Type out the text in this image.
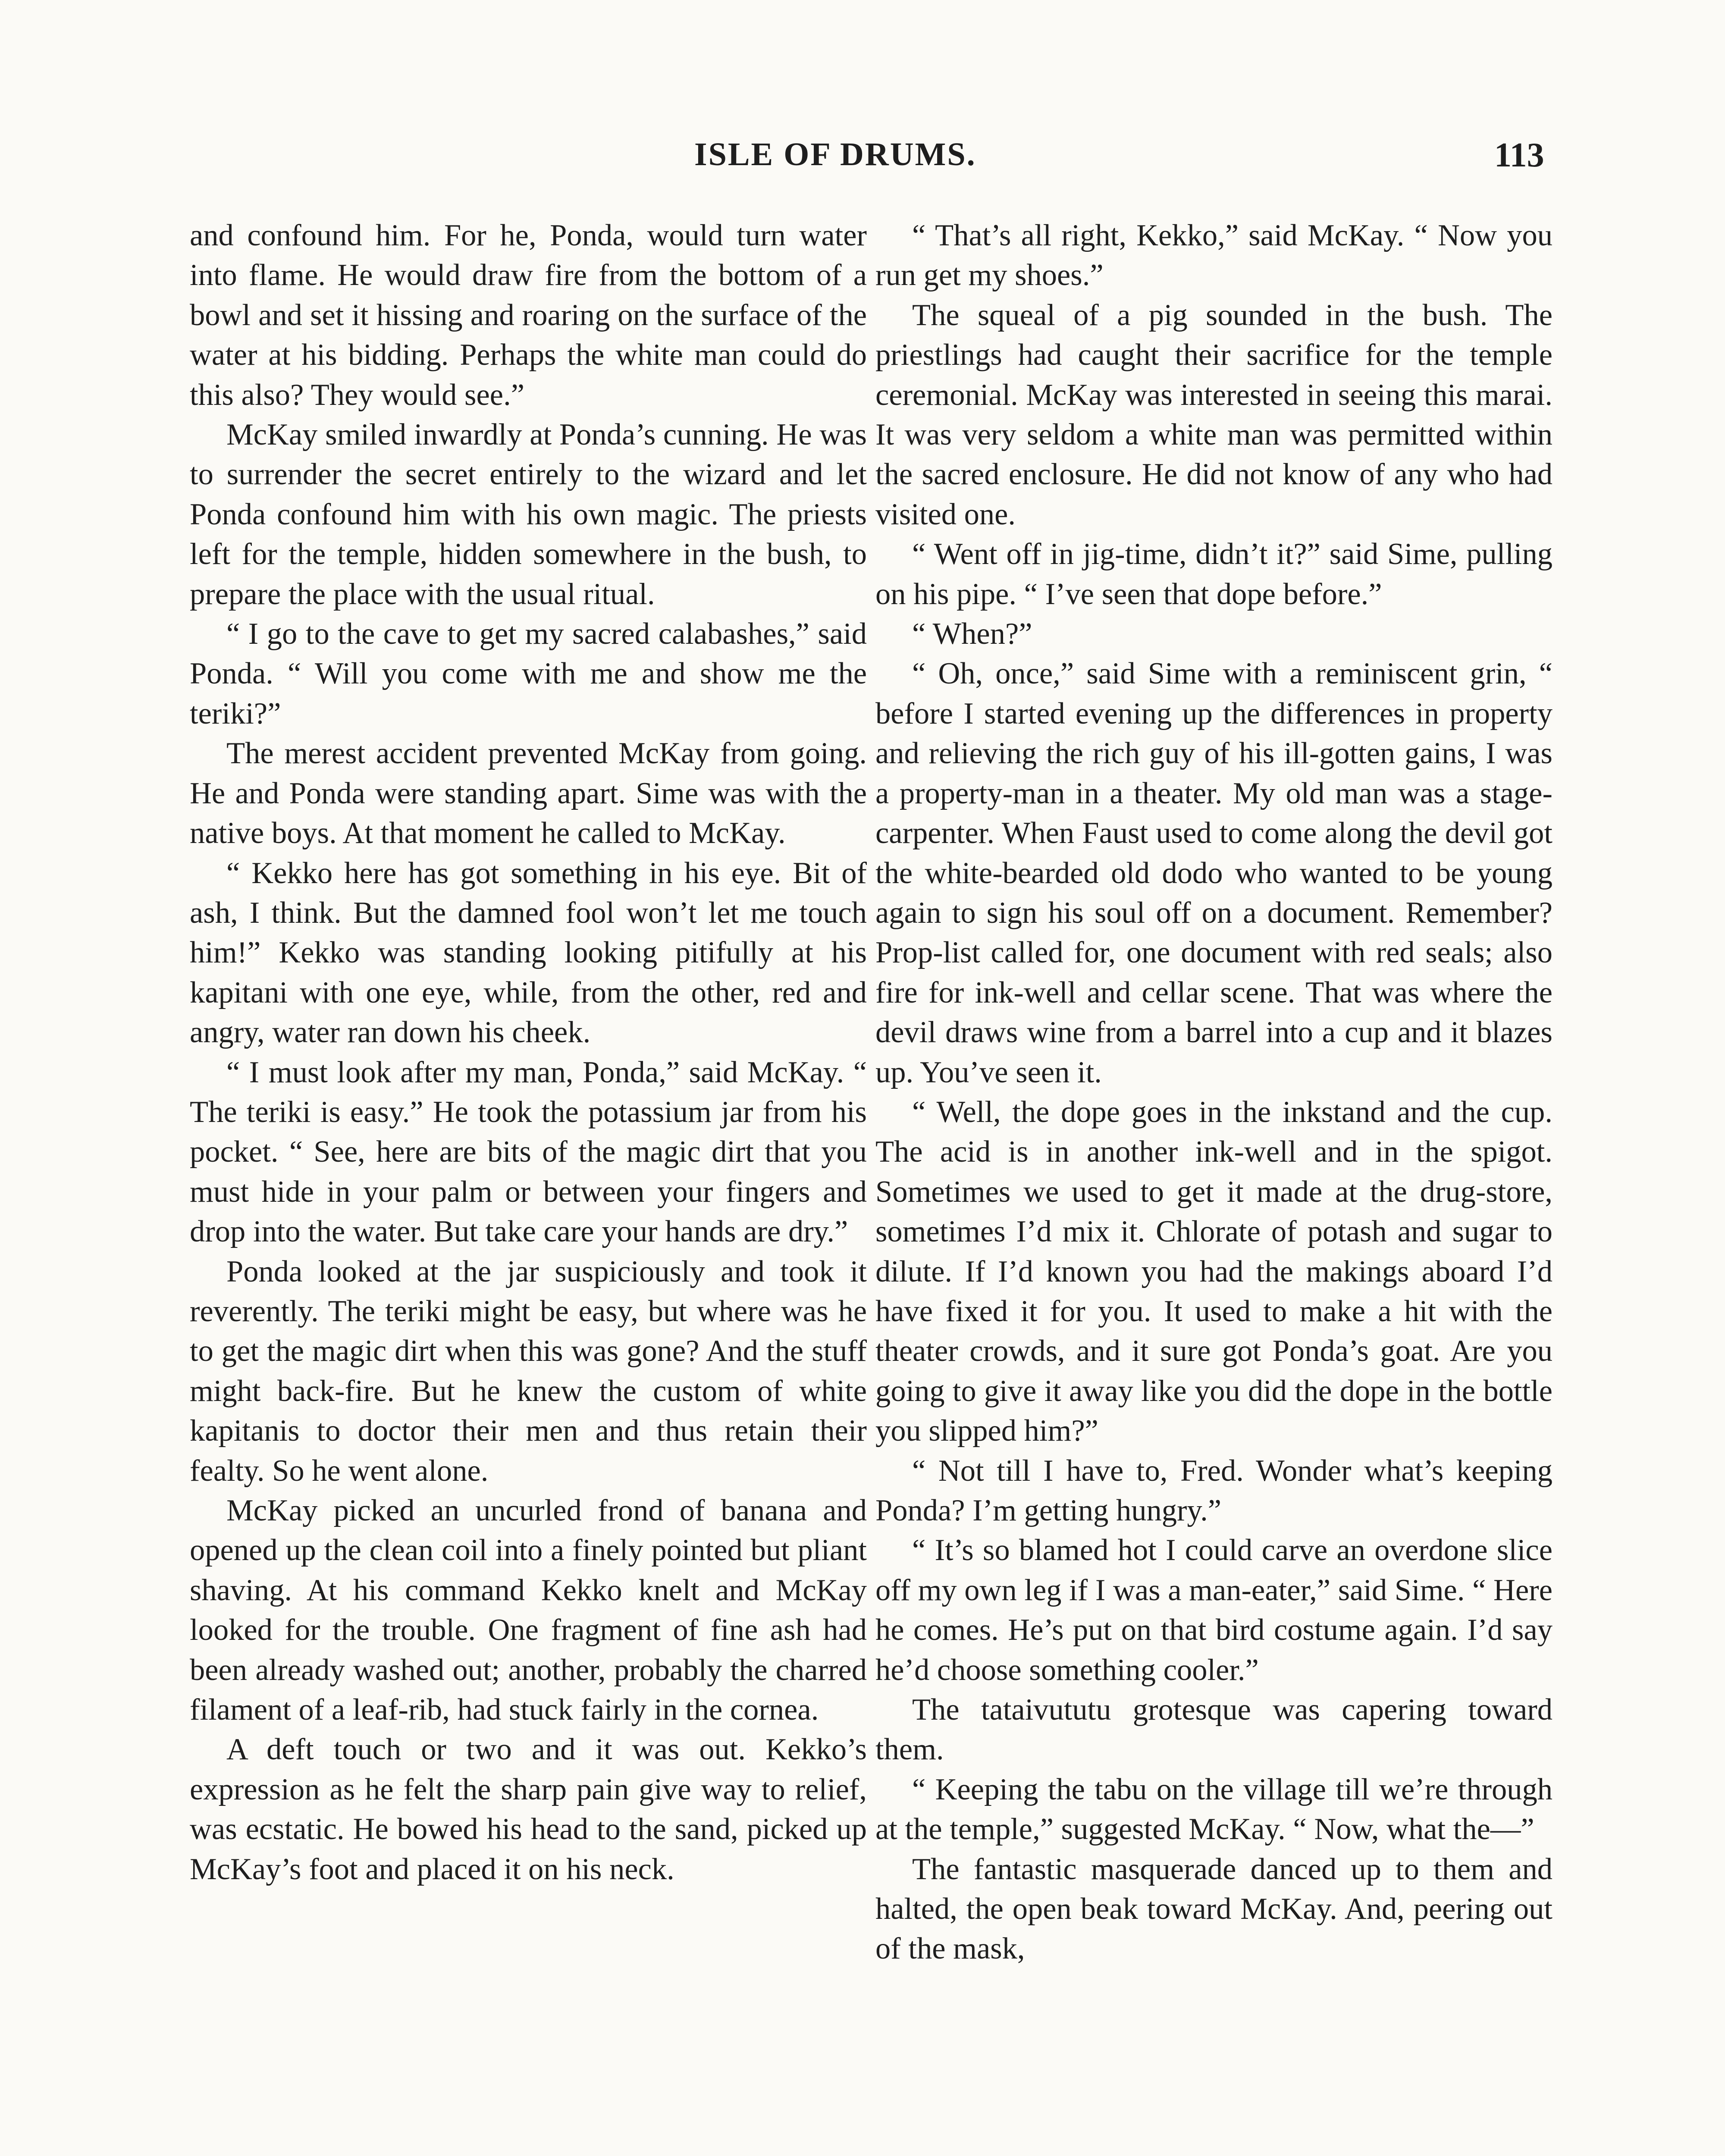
ISLE OF DRUMS.	113

and confound him. For he, Ponda, would turn water into flame. He would draw fire from the bottom of a bowl and set it hissing and roaring on the surface of the water at his bidding. Perhaps the white man could do this also? They would see.”

McKay smiled inwardly at Ponda’s cunning. He was to surrender the secret entirely to the wizard and let Ponda confound him with his own magic. The priests left for the temple, hidden somewhere in the bush, to prepare the place with the usual ritual.

“ I go to the cave to get my sacred calabashes,” said Ponda. “ Will you come with me and show me the teriki?”

The merest accident prevented McKay from going. He and Ponda were standing apart. Sime was with the native boys. At that moment he called to McKay.

“ Kekko here has got something in his eye. Bit of ash, I think. But the damned fool won’t let me touch him!” Kekko was standing looking pitifully at his kapitani with one eye, while, from the other, red and angry, water ran down his cheek.

“ I must look after my man, Ponda,” said McKay. “ The teriki is easy.” He took the potassium jar from his pocket. “ See, here are bits of the magic dirt that you must hide in your palm or between your fingers and drop into the water. But take care your hands are dry.”

Ponda looked at the jar suspiciously and took it reverently. The teriki might be easy, but where was he to get the magic dirt when this was gone? And the stuff might back-fire. But he knew the custom of white kapitanis to doctor their men and thus retain their fealty. So he went alone.

McKay picked an uncurled frond of banana and opened up the clean coil into a finely pointed but pliant shaving. At his command Kekko knelt and McKay looked for the trouble. One fragment of fine ash had been already washed out; another, probably the charred filament of a leaf-rib, had stuck fairly in the cornea.

A deft touch or two and it was out. Kekko’s expression as he felt the sharp pain give way to relief, was ecstatic. He bowed his head to the sand, picked up McKay’s foot and placed it on his neck.

“ That’s all right, Kekko,” said McKay. “ Now you run get my shoes.”

The squeal of a pig sounded in the bush. The priestlings had caught their sacrifice for the temple ceremonial. McKay was interested in seeing this marai. It was very seldom a white man was permitted within the sacred enclosure. He did not know of any who had visited one.

“ Went off in jig-time, didn’t it?” said Sime, pulling on his pipe. “ I’ve seen that dope before.”

“ When?”

“ Oh, once,” said Sime with a reminiscent grin, “ before I started evening up the differences in property and relieving the rich guy of his ill-gotten gains, I was a property-man in a theater. My old man was a stage-carpenter. When Faust used to come along the devil got the white-bearded old dodo who wanted to be young again to sign his soul off on a document. Remember? Prop-list called for, one document with red seals; also fire for ink-well and cellar scene. That was where the devil draws wine from a barrel into a cup and it blazes up. You’ve seen it.

“ Well, the dope goes in the inkstand and the cup. The acid is in another ink-well and in the spigot. Sometimes we used to get it made at the drug-store, sometimes I’d mix it. Chlorate of potash and sugar to dilute. If I’d known you had the makings aboard I’d have fixed it for you. It used to make a hit with the theater crowds, and it sure got Ponda’s goat. Are you going to give it away like you did the dope in the bottle you slipped him?”

“ Not till I have to, Fred. Wonder what’s keeping Ponda? I’m getting hungry.”

“ It’s so blamed hot I could carve an overdone slice off my own leg if I was a man-eater,” said Sime. “ Here he comes. He’s put on that bird costume again. I’d say he’d choose something cooler.”

The tataivututu grotesque was capering toward them.

“ Keeping the tabu on the village till we’re through at the temple,” suggested McKay. “ Now, what the—”

The fantastic masquerade danced up to them and halted, the open beak toward McKay. And, peering out of the mask,
